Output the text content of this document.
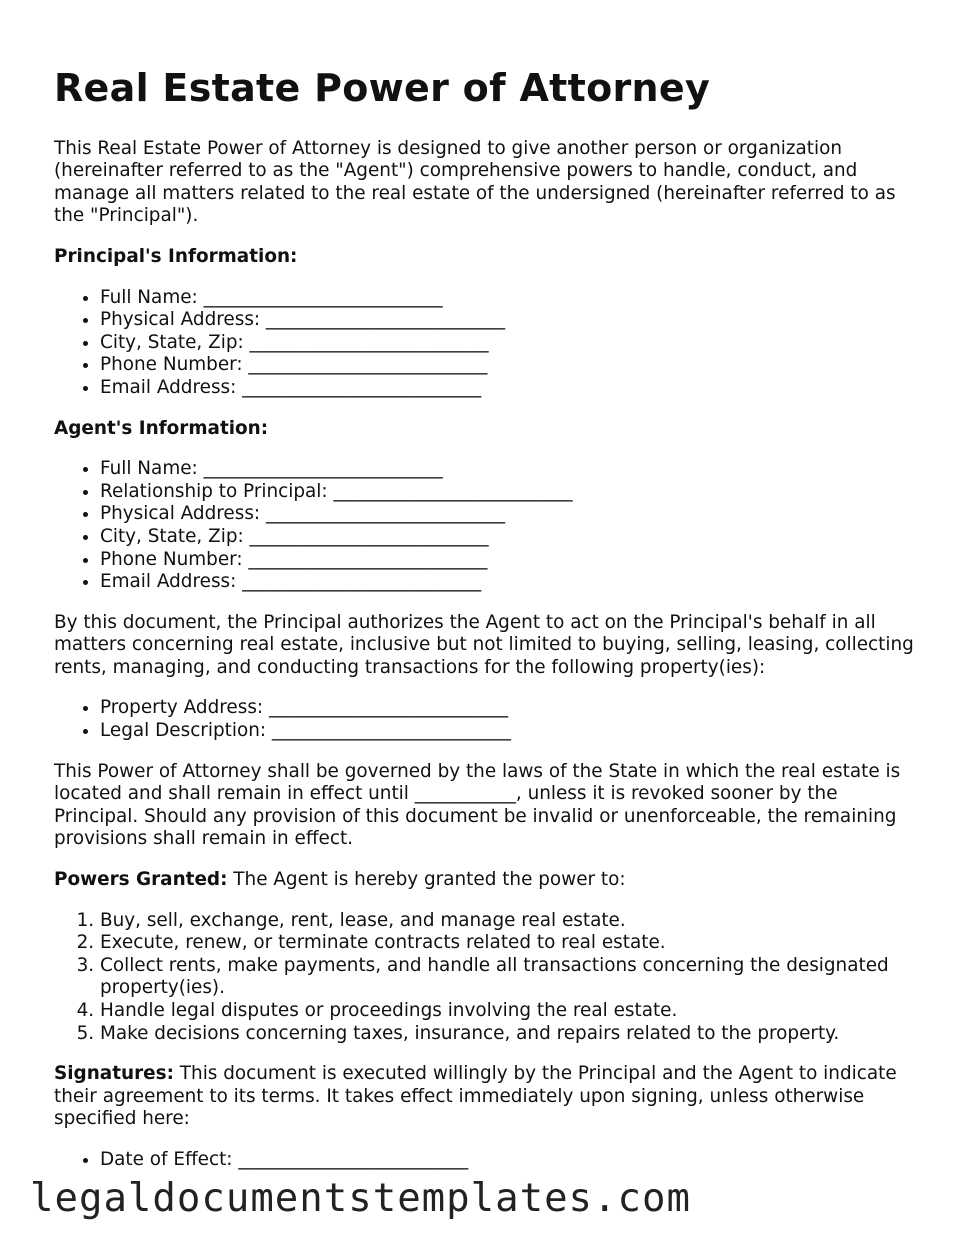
Real Estate Power of Attorney

This Real Estate Power of Attorney is designed to give another person or organization (hereinafter referred to as the "Agent") comprehensive powers to handle, conduct, and manage all matters related to the real estate of the undersigned (hereinafter referred to as the "Principal").

Principal's Information:

• Full Name: __________________________
• Physical Address: __________________________
• City, State, Zip: __________________________
• Phone Number: __________________________
• Email Address: __________________________

Agent's Information:

• Full Name: __________________________
• Relationship to Principal: __________________________
• Physical Address: __________________________
• City, State, Zip: __________________________
• Phone Number: __________________________
• Email Address: __________________________

By this document, the Principal authorizes the Agent to act on the Principal's behalf in all matters concerning real estate, inclusive but not limited to buying, selling, leasing, collecting rents, managing, and conducting transactions for the following property(ies):

• Property Address: __________________________
• Legal Description: __________________________

This Power of Attorney shall be governed by the laws of the State in which the real estate is located and shall remain in effect until ___________, unless it is revoked sooner by the Principal. Should any provision of this document be invalid or unenforceable, the remaining provisions shall remain in effect.

Powers Granted: The Agent is hereby granted the power to:

1. Buy, sell, exchange, rent, lease, and manage real estate.
2. Execute, renew, or terminate contracts related to real estate.
3. Collect rents, make payments, and handle all transactions concerning the designated property(ies).
4. Handle legal disputes or proceedings involving the real estate.
5. Make decisions concerning taxes, insurance, and repairs related to the property.

Signatures: This document is executed willingly by the Principal and the Agent to indicate their agreement to its terms. It takes effect immediately upon signing, unless otherwise specified here:

• Date of Effect: _________________________
legaldocumentstemplates.com
